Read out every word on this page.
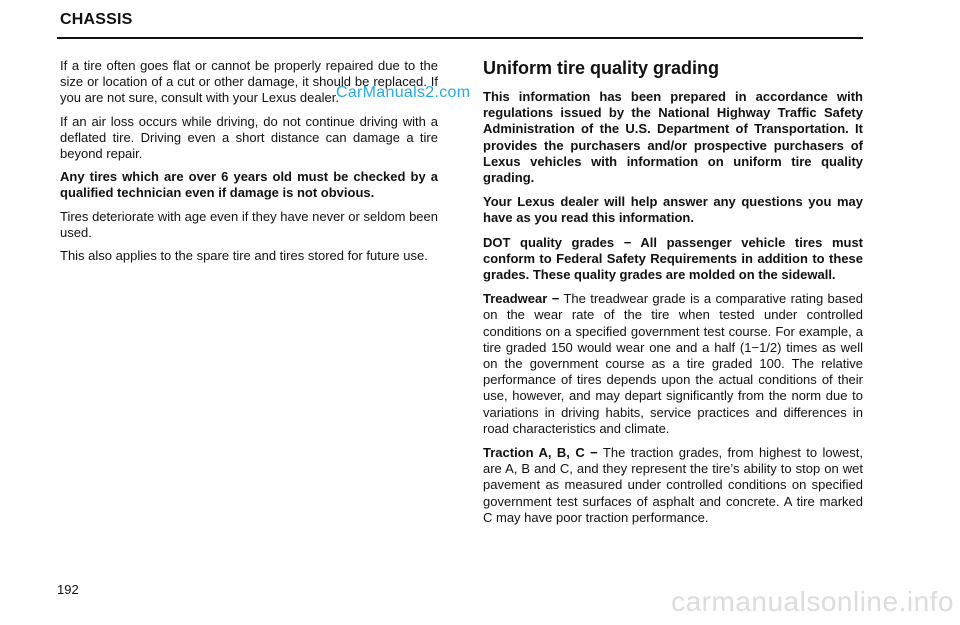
CHASSIS

If a tire often goes flat or cannot be properly repaired due to the size or location of a cut or other damage, it should be replaced. If you are not sure, consult with your Lexus dealer.

If an air loss occurs while driving, do not continue driving with a deflated tire. Driving even a short distance can damage a tire beyond repair.

Any tires which are over 6 years old must be checked by a qualified technician even if damage is not obvious.

Tires deteriorate with age even if they have never or seldom been used.

This also applies to the spare tire and tires stored for future use.

CarManuals2.com
Uniform tire quality grading

This information has been prepared in accordance with regulations issued by the National Highway Traffic Safety Administration of the U.S. Department of Transportation. It provides the purchasers and/or prospective purchasers of Lexus vehicles with information on uniform tire quality grading.

Your Lexus dealer will help answer any questions you may have as you read this information.

DOT quality grades − All passenger vehicle tires must conform to Federal Safety Requirements in addition to these grades. These quality grades are molded on the sidewall.

Treadwear − The treadwear grade is a comparative rating based on the wear rate of the tire when tested under controlled conditions on a specified government test course. For example, a tire graded 150 would wear one and a half (1−1/2) times as well on the government course as a tire graded 100. The relative performance of tires depends upon the actual conditions of their use, however, and may depart significantly from the norm due to variations in driving habits, service practices and differences in road characteristics and climate.

Traction A, B, C − The traction grades, from highest to lowest, are A, B and C, and they represent the tire’s ability to stop on wet pavement as measured under controlled conditions on specified government test surfaces of asphalt and concrete. A tire marked C may have poor traction performance.

192	carmanualsonline.info
